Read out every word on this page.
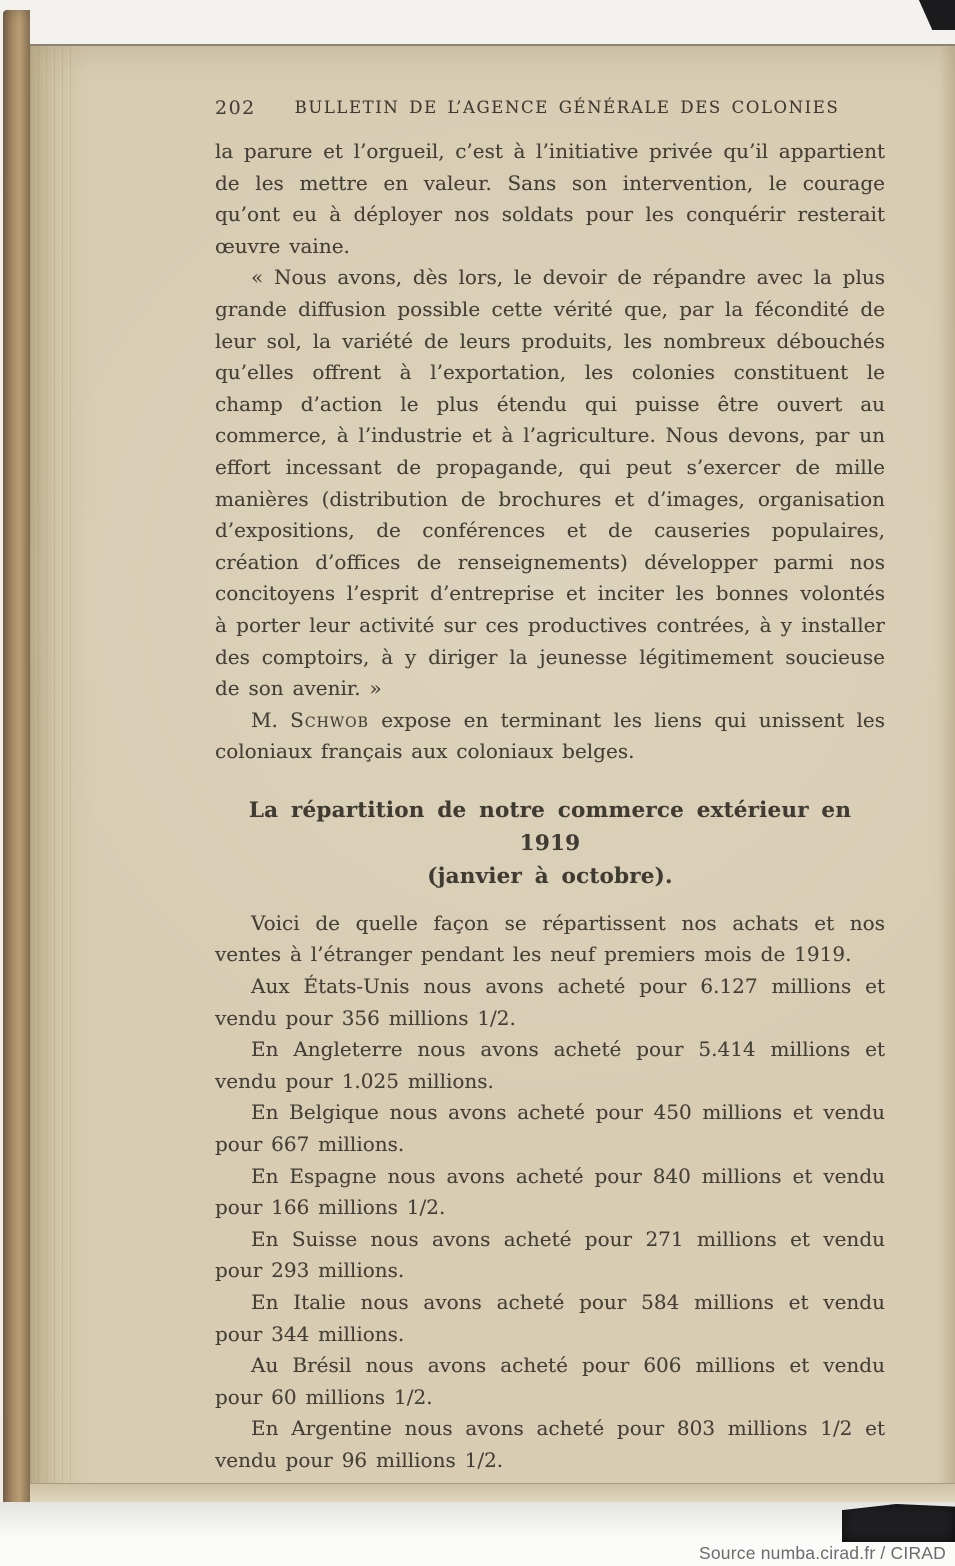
202	BULLETIN DE L’AGENCE GÉNÉRALE DES COLONIES

la parure et l’orgueil, c’est à l’initiative privée qu’il appartient de les mettre en valeur. Sans son intervention, le courage qu’ont eu à déployer nos soldats pour les conquérir resterait œuvre vaine.

« Nous avons, dès lors, le devoir de répandre avec la plus grande diffusion possible cette vérité que, par la fécondité de leur sol, la variété de leurs produits, les nombreux débouchés qu’elles offrent à l’exportation, les colonies constituent le champ d’action le plus étendu qui puisse être ouvert au commerce, à l’industrie et à l’agriculture. Nous devons, par un effort incessant de propagande, qui peut s’exercer de mille manières (distribution de brochures et d’images, organisation d’expositions, de conférences et de causeries populaires, création d’offices de renseignements) développer parmi nos concitoyens l’esprit d’entreprise et inciter les bonnes volontés à porter leur activité sur ces productives contrées, à y installer des comptoirs, à y diriger la jeunesse légitimement soucieuse de son avenir. »

M. Schwob expose en terminant les liens qui unissent les coloniaux français aux coloniaux belges.

La répartition de notre commerce extérieur en 1919
(janvier à octobre).

Voici de quelle façon se répartissent nos achats et nos ventes à l’étranger pendant les neuf premiers mois de 1919.

Aux États-Unis nous avons acheté pour 6.127 millions et vendu pour 356 millions 1/2.

En Angleterre nous avons acheté pour 5.414 millions et vendu pour 1.025 millions.

En Belgique nous avons acheté pour 450 millions et vendu pour 667 millions.

En Espagne nous avons acheté pour 840 millions et vendu pour 166 millions 1/2.

En Suisse nous avons acheté pour 271 millions et vendu pour 293 millions.

En Italie nous avons acheté pour 584 millions et vendu pour 344 millions.

Au Brésil nous avons acheté pour 606 millions et vendu pour 60 millions 1/2.

En Argentine nous avons acheté pour 803 millions 1/2 et vendu pour 96 millions 1/2.

Source numba.cirad.fr / CIRAD
